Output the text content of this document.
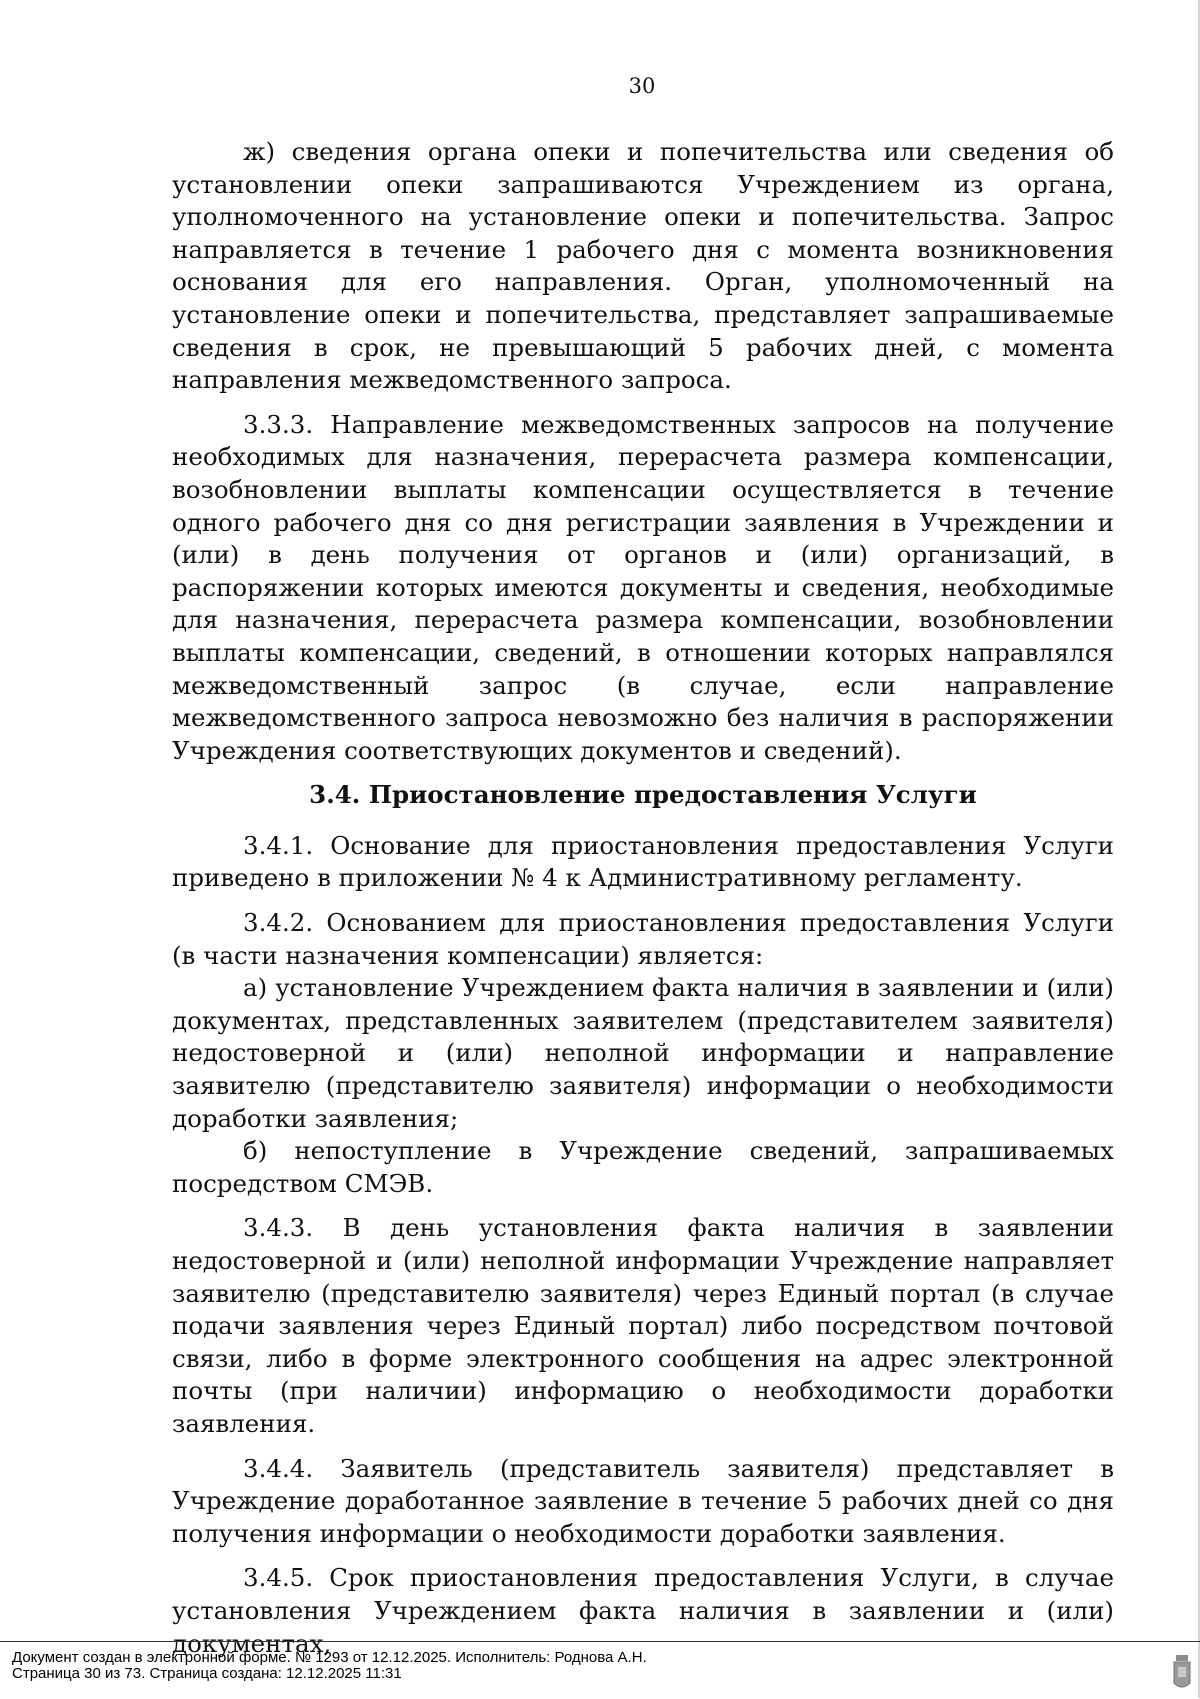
30

ж) сведения органа опеки и попечительства или сведения об установлении опеки запрашиваются Учреждением из органа, уполномоченного на установление опеки и попечительства. Запрос направляется в течение 1 рабочего дня с момента возникновения основания для его направления. Орган, уполномоченный на установление опеки и попечительства, представляет запрашиваемые сведения в срок, не превышающий 5 рабочих дней, с момента направления межведомственного запроса.

3.3.3. Направление межведомственных запросов на получение необходимых для назначения, перерасчета размера компенсации, возобновлении выплаты компенсации осуществляется в течение одного рабочего дня со дня регистрации заявления в Учреждении и (или) в день получения от органов и (или) организаций, в распоряжении которых имеются документы и сведения, необходимые для назначения, перерасчета размера компенсации, возобновлении выплаты компенсации, сведений, в отношении которых направлялся межведомственный запрос (в случае, если направление межведомственного запроса невозможно без наличия в распоряжении Учреждения соответствующих документов и сведений).

3.4. Приостановление предоставления Услуги

3.4.1. Основание для приостановления предоставления Услуги приведено в приложении № 4 к Административному регламенту.

3.4.2. Основанием для приостановления предоставления Услуги (в части назначения компенсации) является:

а) установление Учреждением факта наличия в заявлении и (или) документах, представленных заявителем (представителем заявителя) недостоверной и (или) неполной информации и направление заявителю (представителю заявителя) информации о необходимости доработки заявления;

б) непоступление в Учреждение сведений, запрашиваемых посредством СМЭВ.

3.4.3. В день установления факта наличия в заявлении недостоверной и (или) неполной информации Учреждение направляет заявителю (представителю заявителя) через Единый портал (в случае подачи заявления через Единый портал) либо посредством почтовой связи, либо в форме электронного сообщения на адрес электронной почты (при наличии) информацию о необходимости доработки заявления.

3.4.4. Заявитель (представитель заявителя) представляет в Учреждение доработанное заявление в течение 5 рабочих дней со дня получения информации о необходимости доработки заявления.

3.4.5. Срок приостановления предоставления Услуги, в случае установления Учреждением факта наличия в заявлении и (или) документах,

Документ создан в электронной форме. № 1293 от 12.12.2025. Исполнитель: Роднова А.Н.
Страница 30 из 73. Страница создана: 12.12.2025 11:31
